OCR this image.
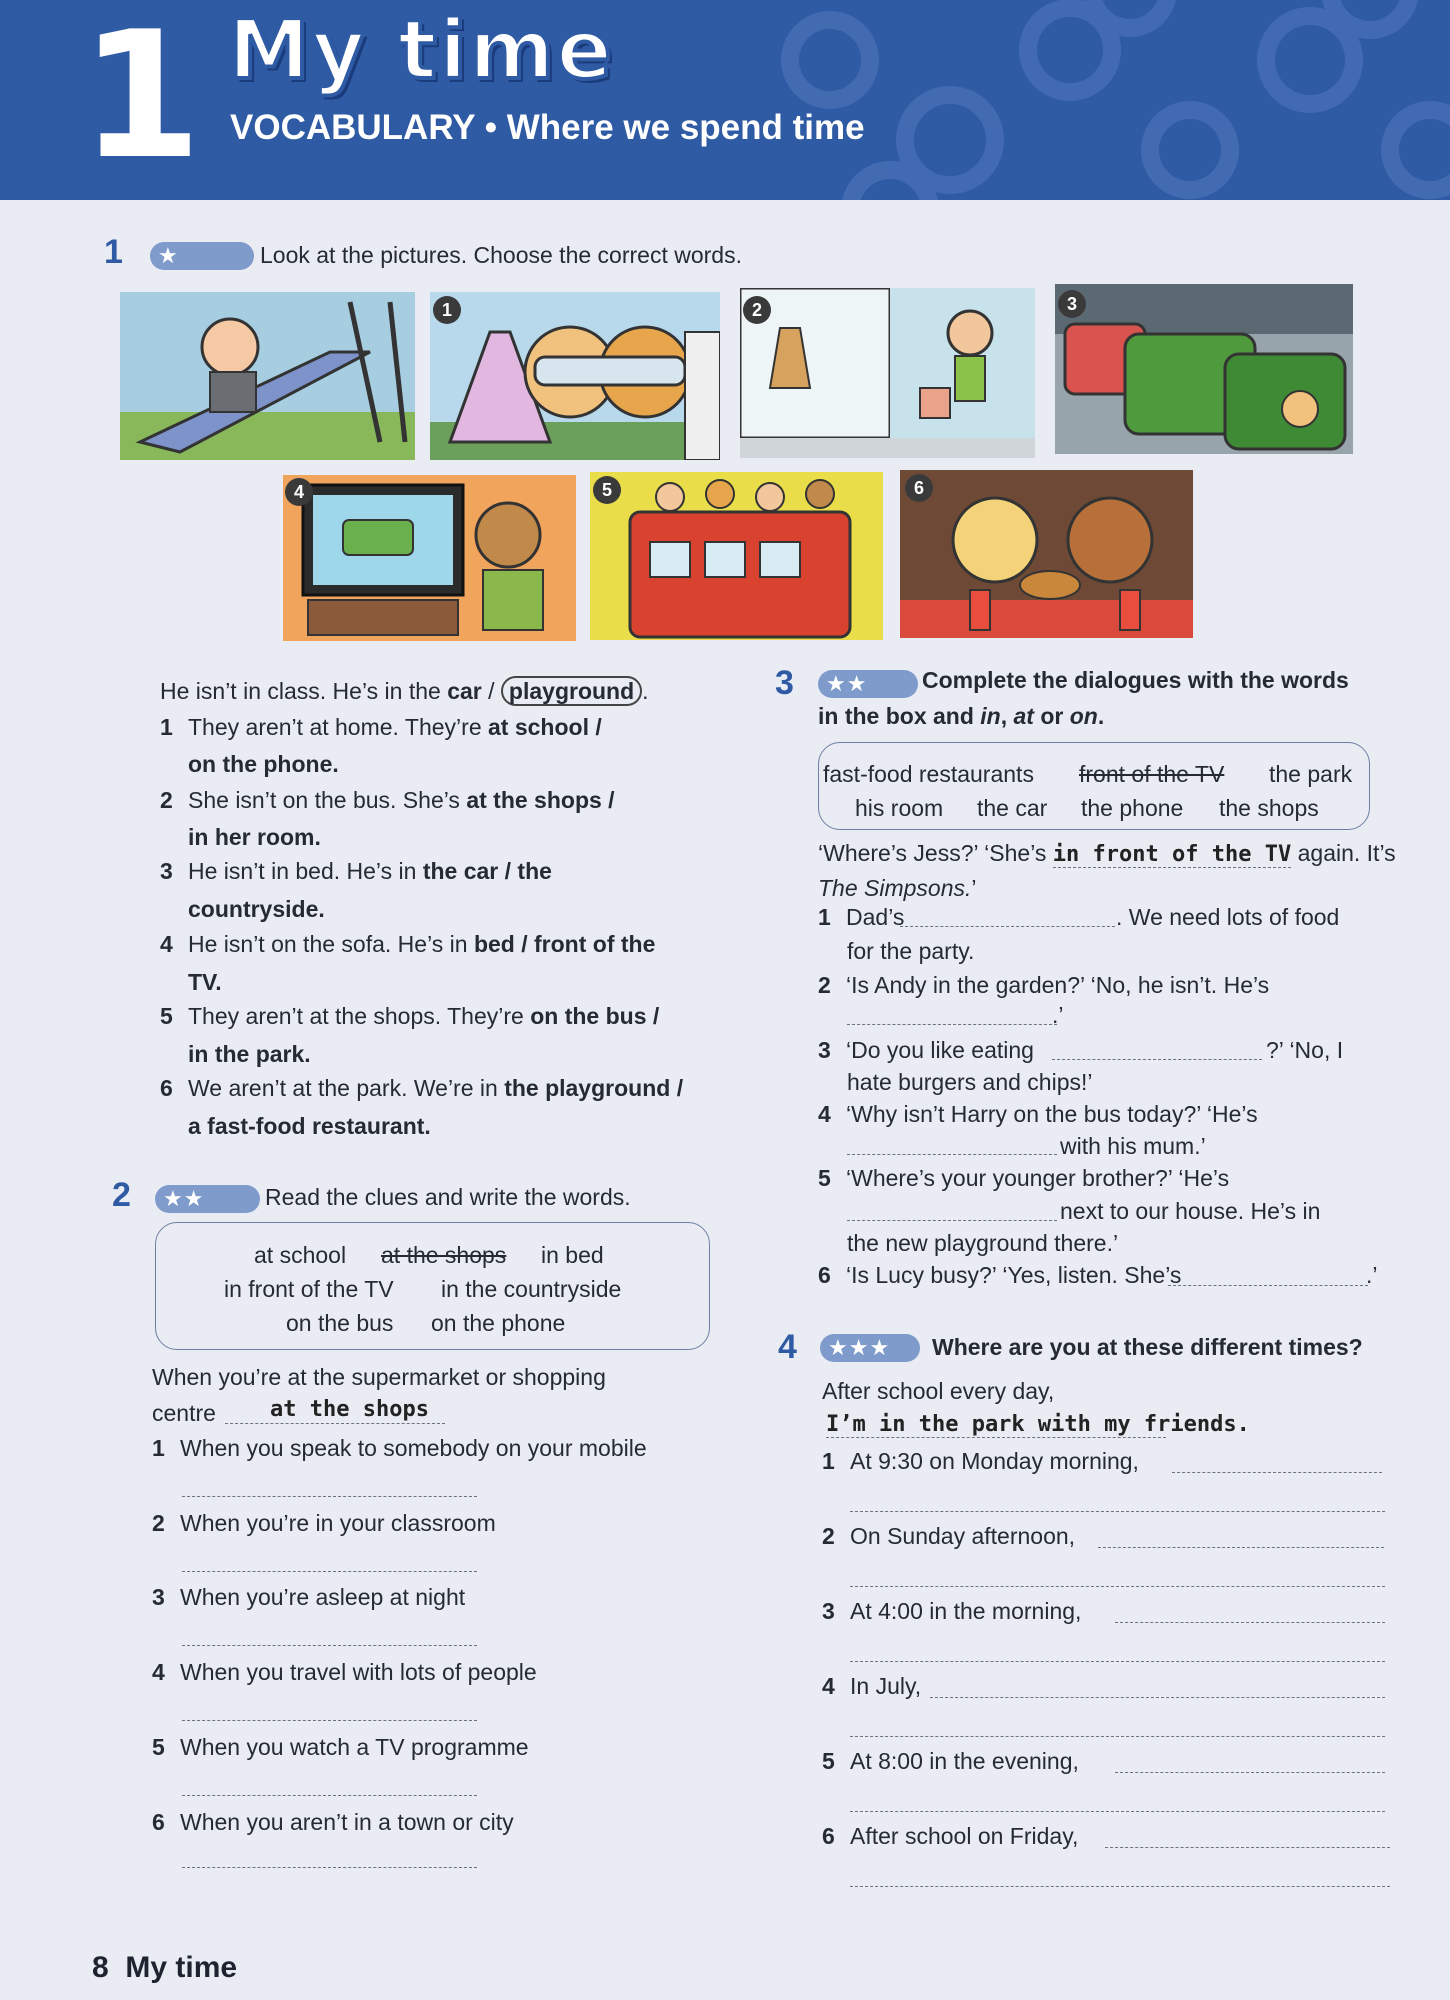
1 My time
VOCABULARY • Where we spend time
1	★	Look at the pictures. Choose the correct words.
1	2	3
4	5	6
He isn’t in class. He’s in the car / playground .
1 They aren’t at home. They’re at school /
on the phone.
2 She isn’t on the bus. She’s at the shops /
in her room.
3 He isn’t in bed. He’s in the car / the
countryside.
4 He isn’t on the sofa. He’s in bed / front of the
TV.
5 They aren’t at the shops. They’re on the bus /
in the park.
6 We aren’t at the park. We’re in the playground /
a fast-food restaurant.
2	★★	Read the clues and write the words.
at school at the shops in bed
in front of the TV in the countryside
on the bus on the phone
When you’re at the supermarket or shopping
centre at the shops
1 When you speak to somebody on your mobile
2 When you’re in your classroom
3 When you’re asleep at night
4 When you travel with lots of people
5 When you watch a TV programme
6 When you aren’t in a town or city
3	★★	Complete the dialogues with the words
in the box and in, at or on.
fast-food restaurants front of the TV the park
his room the car the phone the shops
‘Where’s Jess?’ ‘She’s in front of the TV again. It’s
The Simpsons.’
1 Dad’s	. We need lots of food
for the party.
2 ‘Is Andy in the garden?’ ‘No, he isn’t. He’s
.’
3 ‘Do you like eating	?’ ‘No, I
hate burgers and chips!’
4 ‘Why isn’t Harry on the bus today?’ ‘He’s
with his mum.’
5 ‘Where’s your younger brother?’ ‘He’s
next to our house. He’s in
the new playground there.’
6 ‘Is Lucy busy?’ ‘Yes, listen. She’s	.’
4	★★★	Where are you at these different times?
After school every day,
I’m in the park with my friends.
1 At 9:30 on Monday morning,
2 On Sunday afternoon,
3 At 4:00 in the morning,
4 In July,
5 At 8:00 in the evening,
6 After school on Friday,
8 My time
